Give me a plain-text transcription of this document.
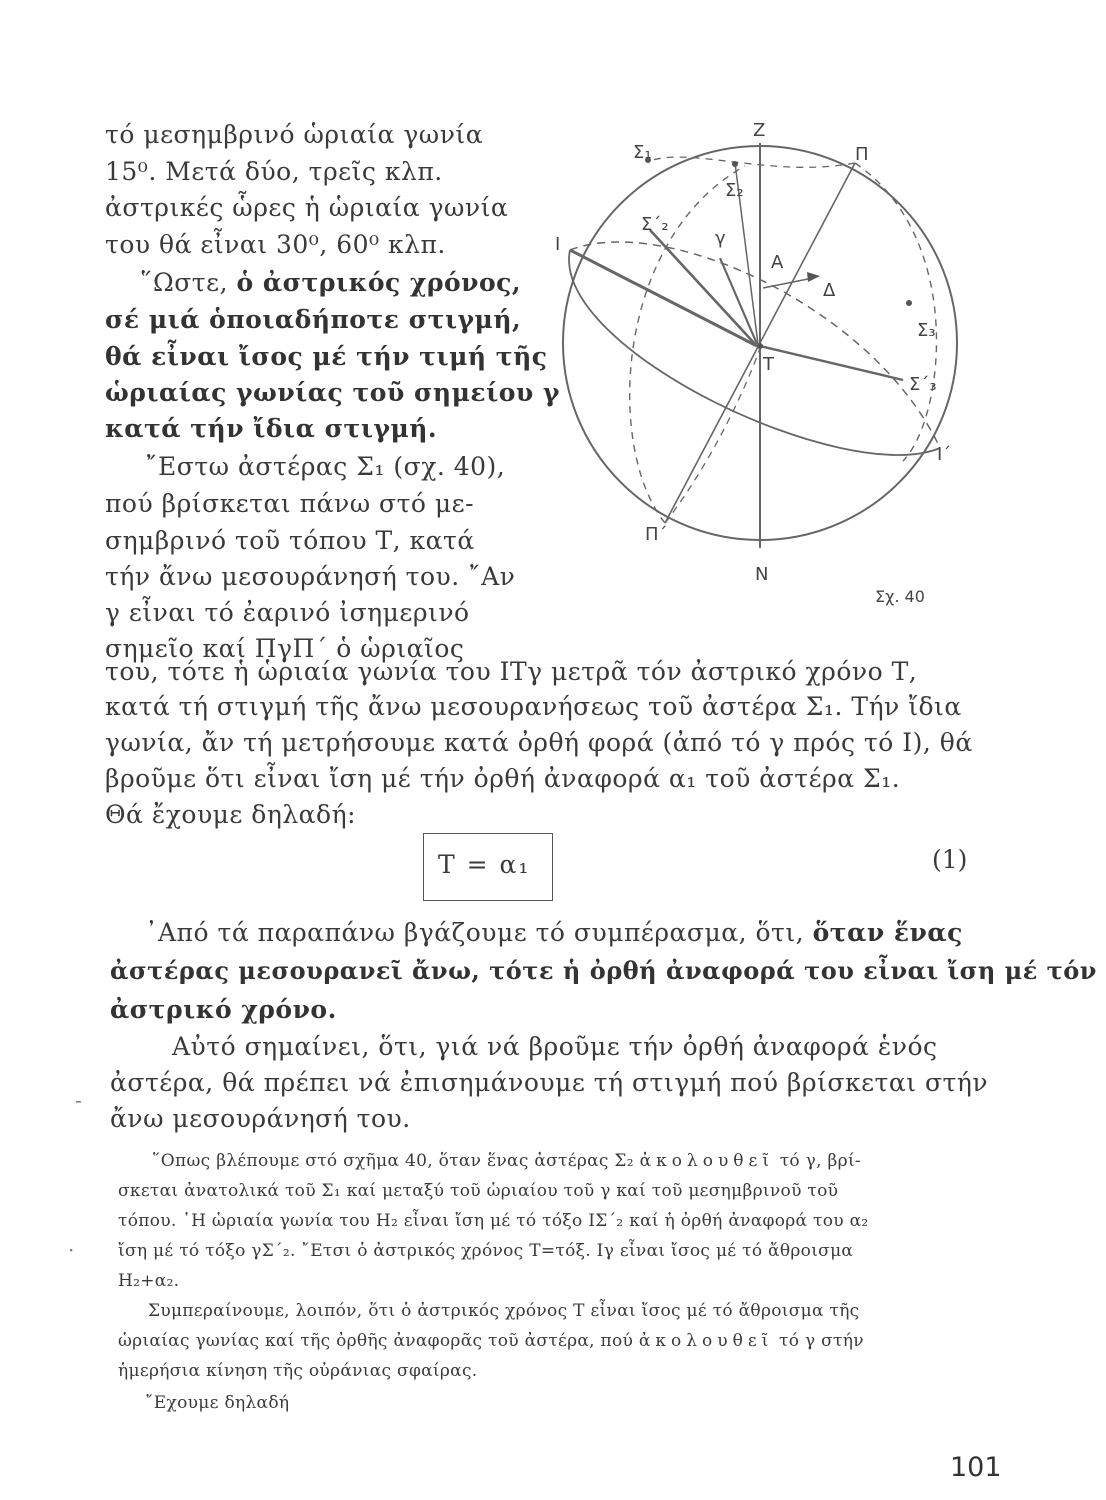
τό μεσημβρινό ὡριαία γωνία
15⁰. Μετά δύο, τρεῖς κλπ.
ἀστρικές ὧρες ἡ ὡριαία γωνία
του θά εἶναι 30⁰, 60⁰ κλπ.
῞Ωστε, ὁ ἀστρικός χρόνος,
σέ μιά ὁποιαδήποτε στιγμή,
θά εἶναι ἴσος μέ τήν τιμή τῆς
ὡριαίας γωνίας τοῦ σημείου γ
κατά τήν ἴδια στιγμή.
῎Εστω ἀστέρας Σ₁ (σχ. 40),
πού βρίσκεται πάνω στό με-
σημβρινό τοῦ τόπου Τ, κατά
τήν ἄνω μεσουράνησή του. ῎Αν
γ εἶναι τό ἐαρινό ἰσημερινό
σημεῖο καί ΠγΠ΄ ὁ ὡριαῖος
Z
N
Π
Π΄
I
Ι΄
Τ
γ
Α
Δ
Σ₁
Σ₂
Σ΄₂
Σ₃
Σ΄₃
Σχ. 40
του, τότε ἡ ὡριαία γωνία του ΙΤγ μετρᾶ τόν ἀστρικό χρόνο Τ,
κατά τή στιγμή τῆς ἄνω μεσουρανήσεως τοῦ ἀστέρα Σ₁. Τήν ἴδια
γωνία, ἄν τή μετρήσουμε κατά ὀρθή φορά (ἀπό τό γ πρός τό Ι), θά
βροῦμε ὅτι εἶναι ἴση μέ τήν ὀρθή ἀναφορά α₁ τοῦ ἀστέρα Σ₁.
Θά ἔχουμε δηλαδή:
T = α₁	(1)
᾿Από τά παραπάνω βγάζουμε τό συμπέρασμα, ὅτι, ὅταν ἕνας
ἀστέρας μεσουρανεῖ ἄνω, τότε ἡ ὀρθή ἀναφορά του εἶναι ἴση μέ τόν
ἀστρικό χρόνο.
Αὐτό σημαίνει, ὅτι, γιά νά βροῦμε τήν ὀρθή ἀναφορά ἑνός
ἀστέρα, θά πρέπει νά ἐπισημάνουμε τή στιγμή πού βρίσκεται στήν
ἄνω μεσουράνησή του.
῞Οπως βλέπουμε στό σχῆμα 40, ὅταν ἕνας ἀστέρας Σ₂ ἀκολουθεῖ τό γ, βρί-
σκεται ἀνατολικά τοῦ Σ₁ καί μεταξύ τοῦ ὡριαίου τοῦ γ καί τοῦ μεσημβρινοῦ τοῦ
τόπου. ῾Η ὡριαία γωνία του Η₂ εἶναι ἴση μέ τό τόξο ΙΣ΄₂ καί ἡ ὀρθή ἀναφορά του α₂
ἴση μέ τό τόξο γΣ΄₂. ῎Ετσι ὁ ἀστρικός χρόνος Τ=τόξ. Ιγ εἶναι ἴσος μέ τό ἄθροισμα
Η₂+α₂.
Συμπεραίνουμε, λοιπόν, ὅτι ὁ ἀστρικός χρόνος Τ εἶναι ἴσος μέ τό ἄθροισμα τῆς
ὡριαίας γωνίας καί τῆς ὀρθῆς ἀναφορᾶς τοῦ ἀστέρα, πού ἀκολουθεῖ τό γ στήν
ἡμερήσια κίνηση τῆς οὐράνιας σφαίρας.
῎Εχουμε δηλαδή
-
·
101
